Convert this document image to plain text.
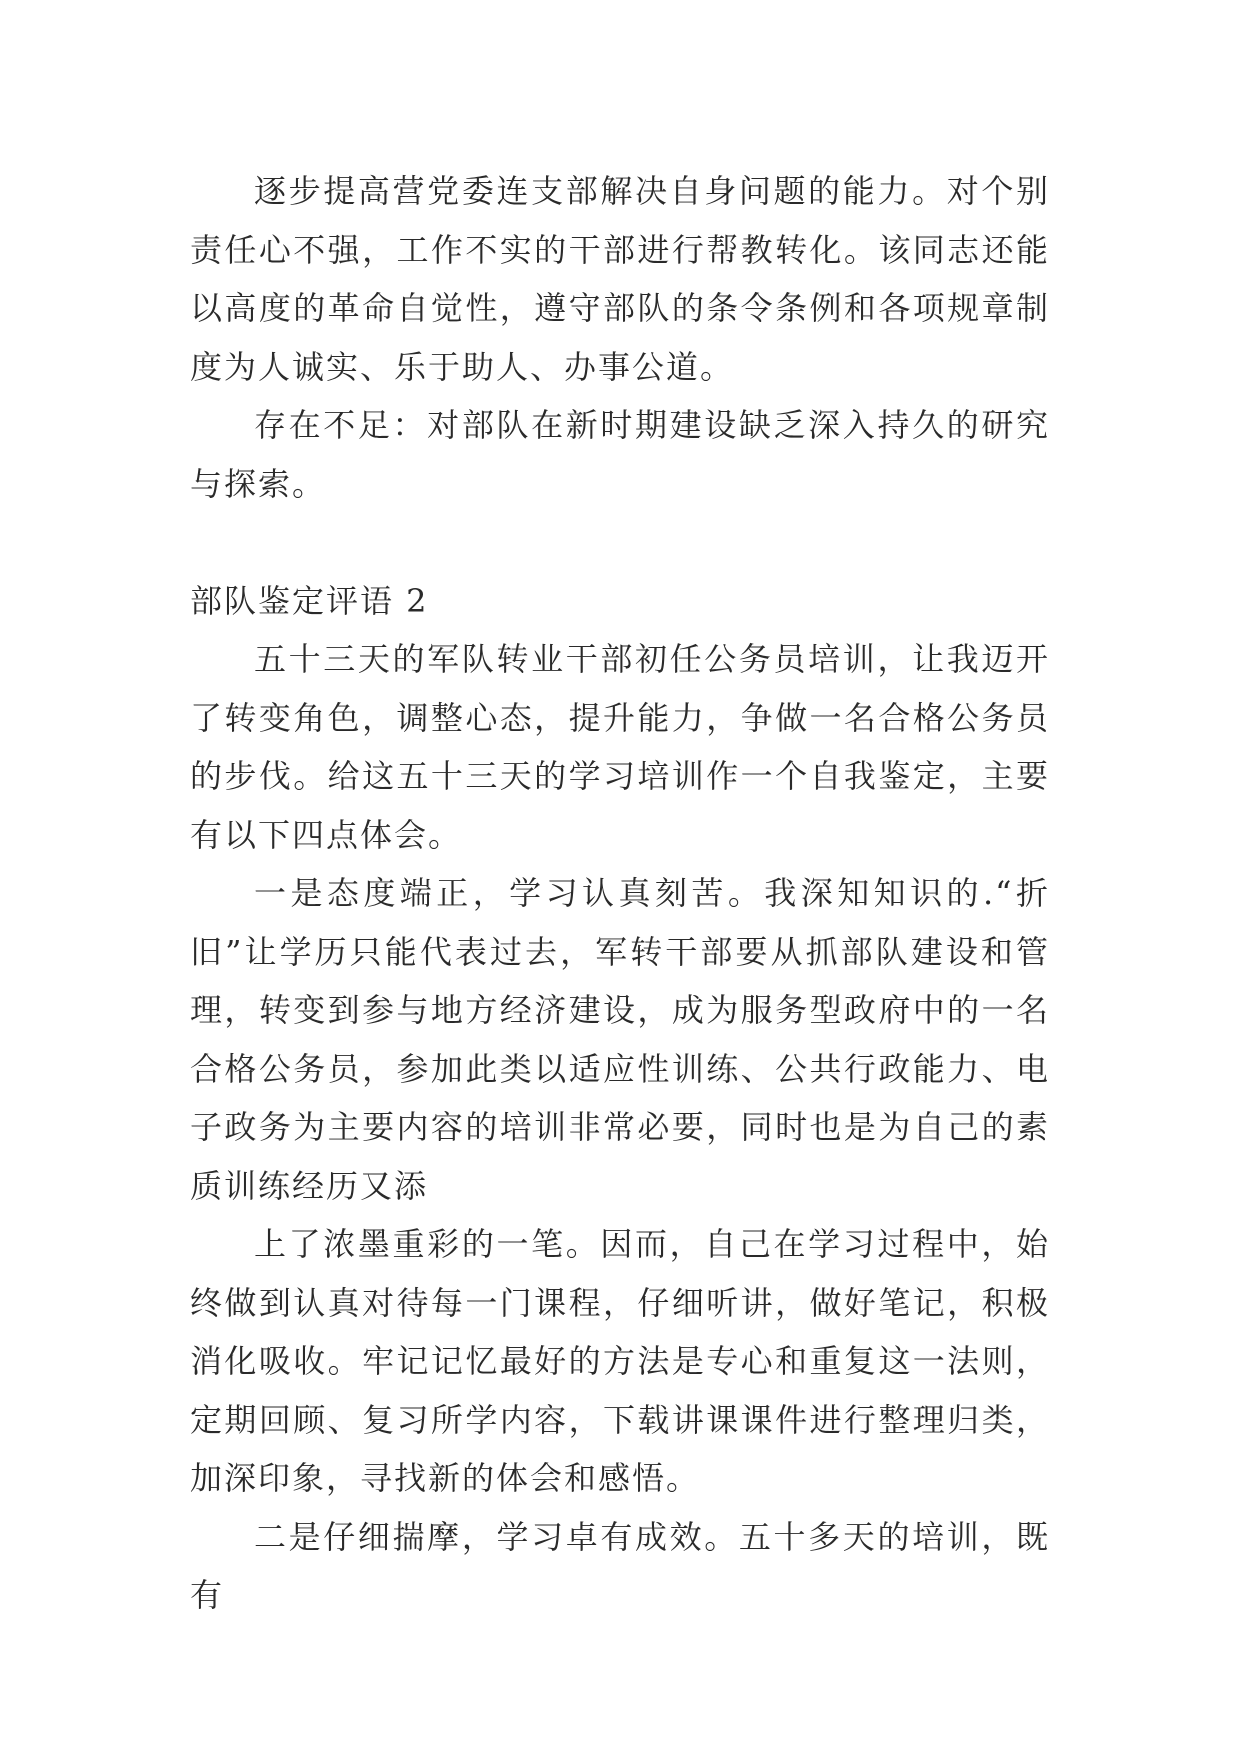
逐步提高营党委连支部解决自身问题的能力。对个别责任心不强，工作不实的干部进行帮教转化。该同志还能以高度的革命自觉性，遵守部队的条令条例和各项规章制度为人诚实、乐于助人、办事公道。

存在不足：对部队在新时期建设缺乏深入持久的研究与探索。

部队鉴定评语 2

五十三天的军队转业干部初任公务员培训，让我迈开了转变角色，调整心态，提升能力，争做一名合格公务员的步伐。给这五十三天的学习培训作一个自我鉴定，主要有以下四点体会。

一是态度端正，学习认真刻苦。我深知知识的.“折旧”让学历只能代表过去，军转干部要从抓部队建设和管理，转变到参与地方经济建设，成为服务型政府中的一名合格公务员，参加此类以适应性训练、公共行政能力、电子政务为主要内容的培训非常必要，同时也是为自己的素质训练经历又添

上了浓墨重彩的一笔。因而，自己在学习过程中，始终做到认真对待每一门课程，仔细听讲，做好笔记，积极消化吸收。牢记记忆最好的方法是专心和重复这一法则，定期回顾、复习所学内容，下载讲课课件进行整理归类，加深印象，寻找新的体会和感悟。

二是仔细揣摩，学习卓有成效。五十多天的培训，既有
